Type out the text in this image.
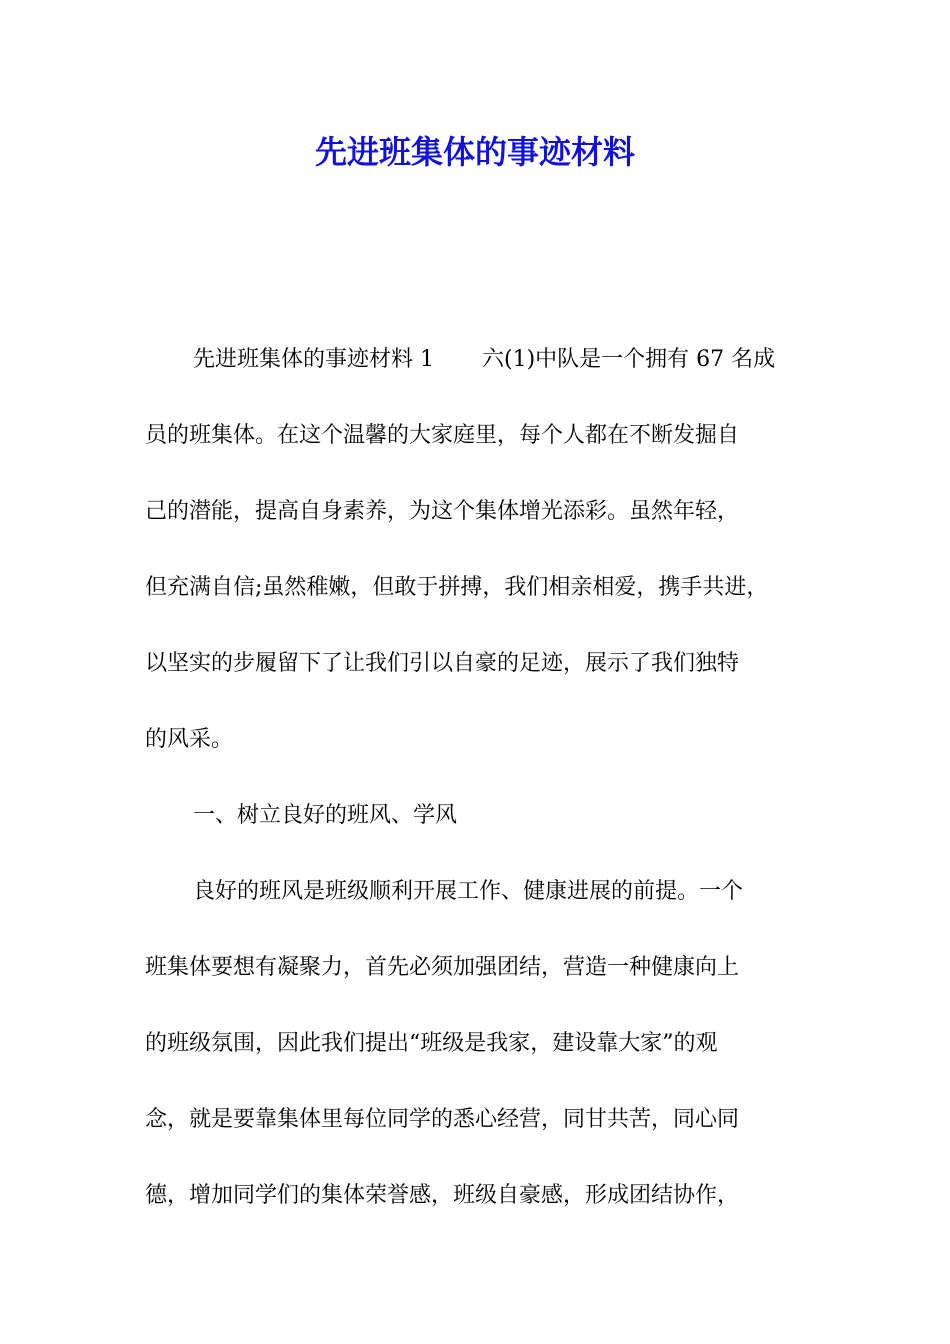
先进班集体的事迹材料
先进班集体的事迹材料 1 六(1)中队是一个拥有 67 名成
员的班集体。在这个温馨的大家庭里，每个人都在不断发掘自
己的潜能，提高自身素养，为这个集体增光添彩。虽然年轻，
但充满自信;虽然稚嫩，但敢于拼搏，我们相亲相爱，携手共进，
以坚实的步履留下了让我们引以自豪的足迹，展示了我们独特
的风采。
一、树立良好的班风、学风
良好的班风是班级顺利开展工作、健康进展的前提。一个
班集体要想有凝聚力，首先必须加强团结，营造一种健康向上
的班级氛围，因此我们提出“班级是我家，建设靠大家”的观
念，就是要靠集体里每位同学的悉心经营，同甘共苦，同心同
德，增加同学们的集体荣誉感，班级自豪感，形成团结协作，
